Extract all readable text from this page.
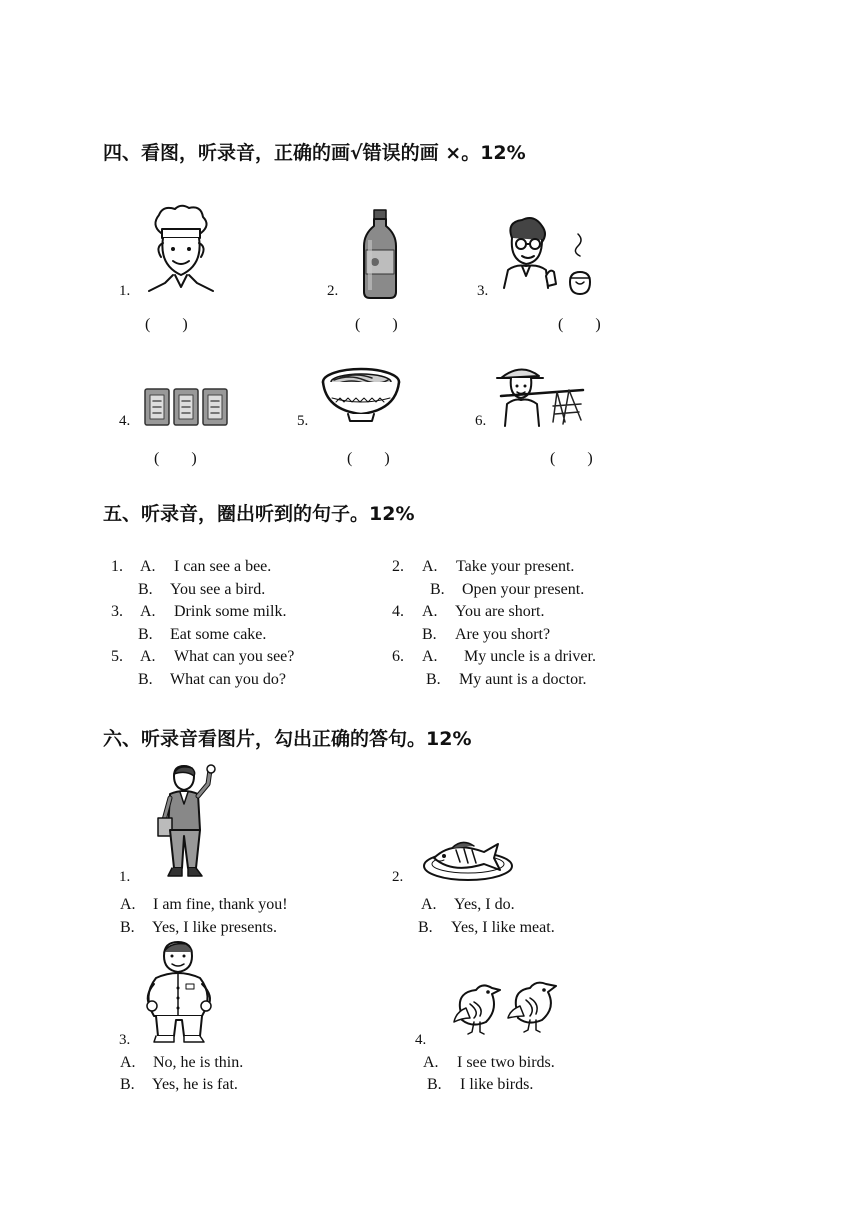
四、看图，听录音，正确的画√错误的画 ×。12%
1.
(　　)
2.
(　　)
3.
(　　)
4.
(　　)
5.
(　　)
6.
(　　)
五、听录音，圈出听到的句子。12%
1. A. I can see a bee.
B. You see a bird.
3. A. Drink some milk.
B. Eat some cake.
5. A. What can you see?
B. What can you do?
2. A. Take your present.
B. Open your present.
4. A. You are short.
B. Are you short?
6. A. My uncle is a driver.
B. My aunt is a doctor.
六、听录音看图片，勾出正确的答句。12%
1.
A. I am fine, thank you!
B. Yes, I like presents.
2.
A. Yes, I do.
B. Yes, I like meat.
3.
A. No, he is thin.
B. Yes, he is fat.
4.
A. I see two birds.
B. I like birds.
